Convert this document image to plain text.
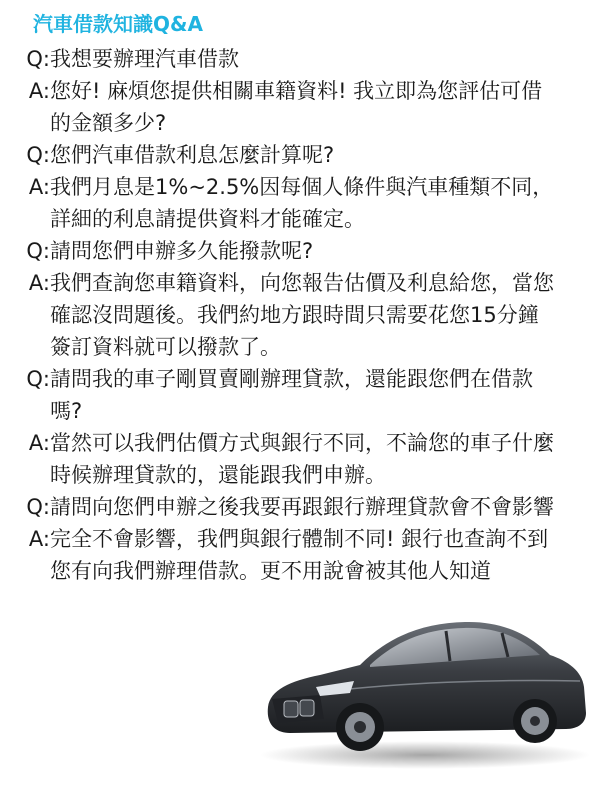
汽車借款知識Q&A
Q: 我想要辦理汽車借款
A: 您好! 麻煩您提供相關車籍資料! 我立即為您評估可借的金額多少?
Q: 您們汽車借款利息怎麼計算呢?
A: 我們月息是1%~2.5%因每個人條件與汽車種類不同，詳細的利息請提供資料才能確定。
Q: 請問您們申辦多久能撥款呢?
A: 我們查詢您車籍資料，向您報告估價及利息給您，當您確認沒問題後。我們約地方跟時間只需要花您15分鐘簽訂資料就可以撥款了。
Q: 請問我的車子剛買賣剛辦理貸款，還能跟您們在借款嗎?
A: 當然可以我們估價方式與銀行不同，不論您的車子什麼時候辦理貸款的，還能跟我們申辦。
Q: 請問向您們申辦之後我要再跟銀行辦理貸款會不會影響
A: 完全不會影響，我們與銀行體制不同! 銀行也查詢不到您有向我們辦理借款。更不用說會被其他人知道
